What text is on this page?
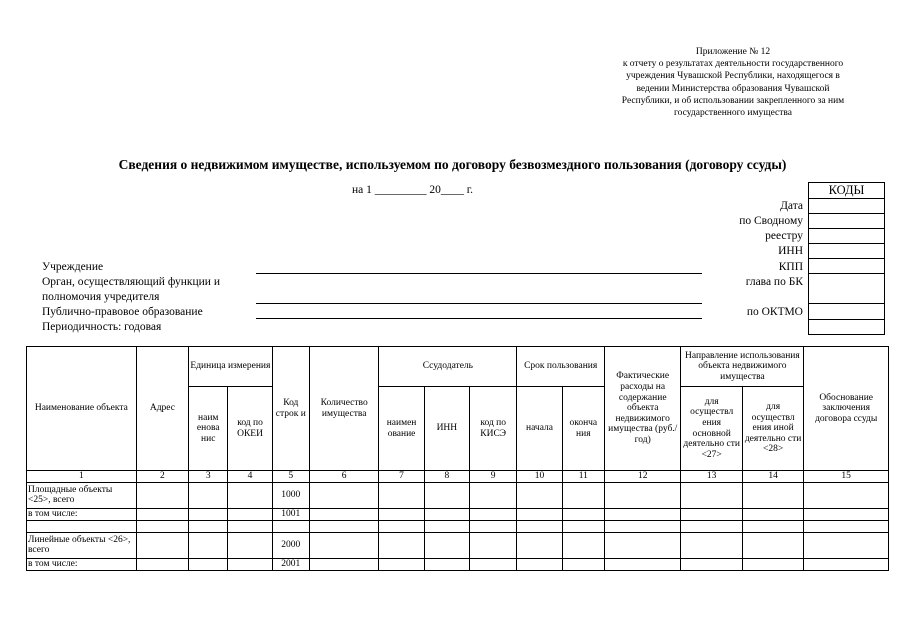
Приложение № 12
к отчету о результатах деятельности государственного
учреждения Чувашской Республики, находящегося в
ведении Министерства образования Чувашской
Республики, и об использовании закрепленного за ним
государственного имущества
Сведения о недвижимом имуществе, используемом по договору безвозмездного пользования (договору ссуды)
на 1 _________ 20____ г.	КОДЫ

Дата
по Сводному
реестру
ИНН
КПП
глава по БК
по ОКТМО
Учреждение
Орган, осуществляющий функции и
полномочия учредителя
Публично-правовое образование
Периодичность: годовая
Наименование объекта	Адрес	Единица измерения		Код строк и	Количество имущества	Ссудодатель			Срок пользования		Фактические расходы на содержание объекта недвижимого имущества (руб./год)	Направление использования объекта недвижимого имущества		Обоснование заключения договора ссуды
		наим енова нис	код по ОКЕИ			наимен ование	ИНН	код по КИСЭ	начала	оконча ния		для осуществл ения основной деятельно сти <27>	для осуществл ения иной деятельно сти <28>	
1	2	3	4	5	6	7	8	9	10	11	12	13	14	15
Площадные объекты <25>, всего				1000										
в том числе:				1001										

Линейные объекты <26>, всего				2000										
в том числе:				2001										
